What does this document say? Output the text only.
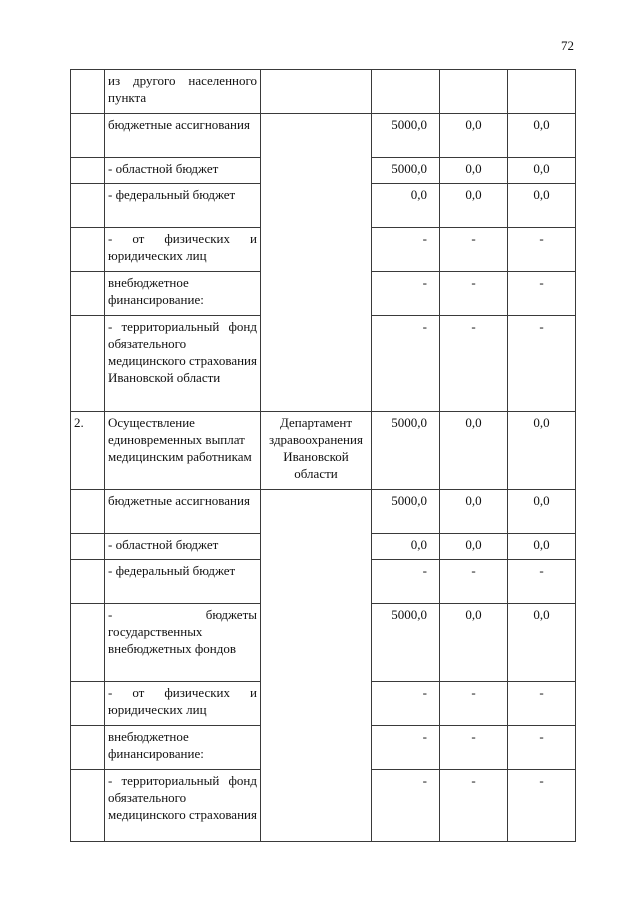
72
	из другого населенного пункта				
	бюджетные ассигнования		5000,0	0,0	0,0
	- областной бюджет		5000,0	0,0	0,0
	- федеральный бюджет		0,0	0,0	0,0
	- от физических и юридических лиц		-	-	-
	внебюджетное финансирование:		-	-	-
	- территориальный фонд обязательного медицинского страхования Ивановской области		-	-	-
2.	Осуществление единовременных выплат медицинским работникам	Департамент здравоохранения Ивановской области	5000,0	0,0	0,0
	бюджетные ассигнования		5000,0	0,0	0,0
	- областной бюджет		0,0	0,0	0,0
	- федеральный бюджет		-	-	-
	- бюджеты государственных внебюджетных фондов		5000,0	0,0	0,0
	- от физических и юридических лиц		-	-	-
	внебюджетное финансирование:		-	-	-
	- территориальный фонд обязательного медицинского страхования		-	-	-
